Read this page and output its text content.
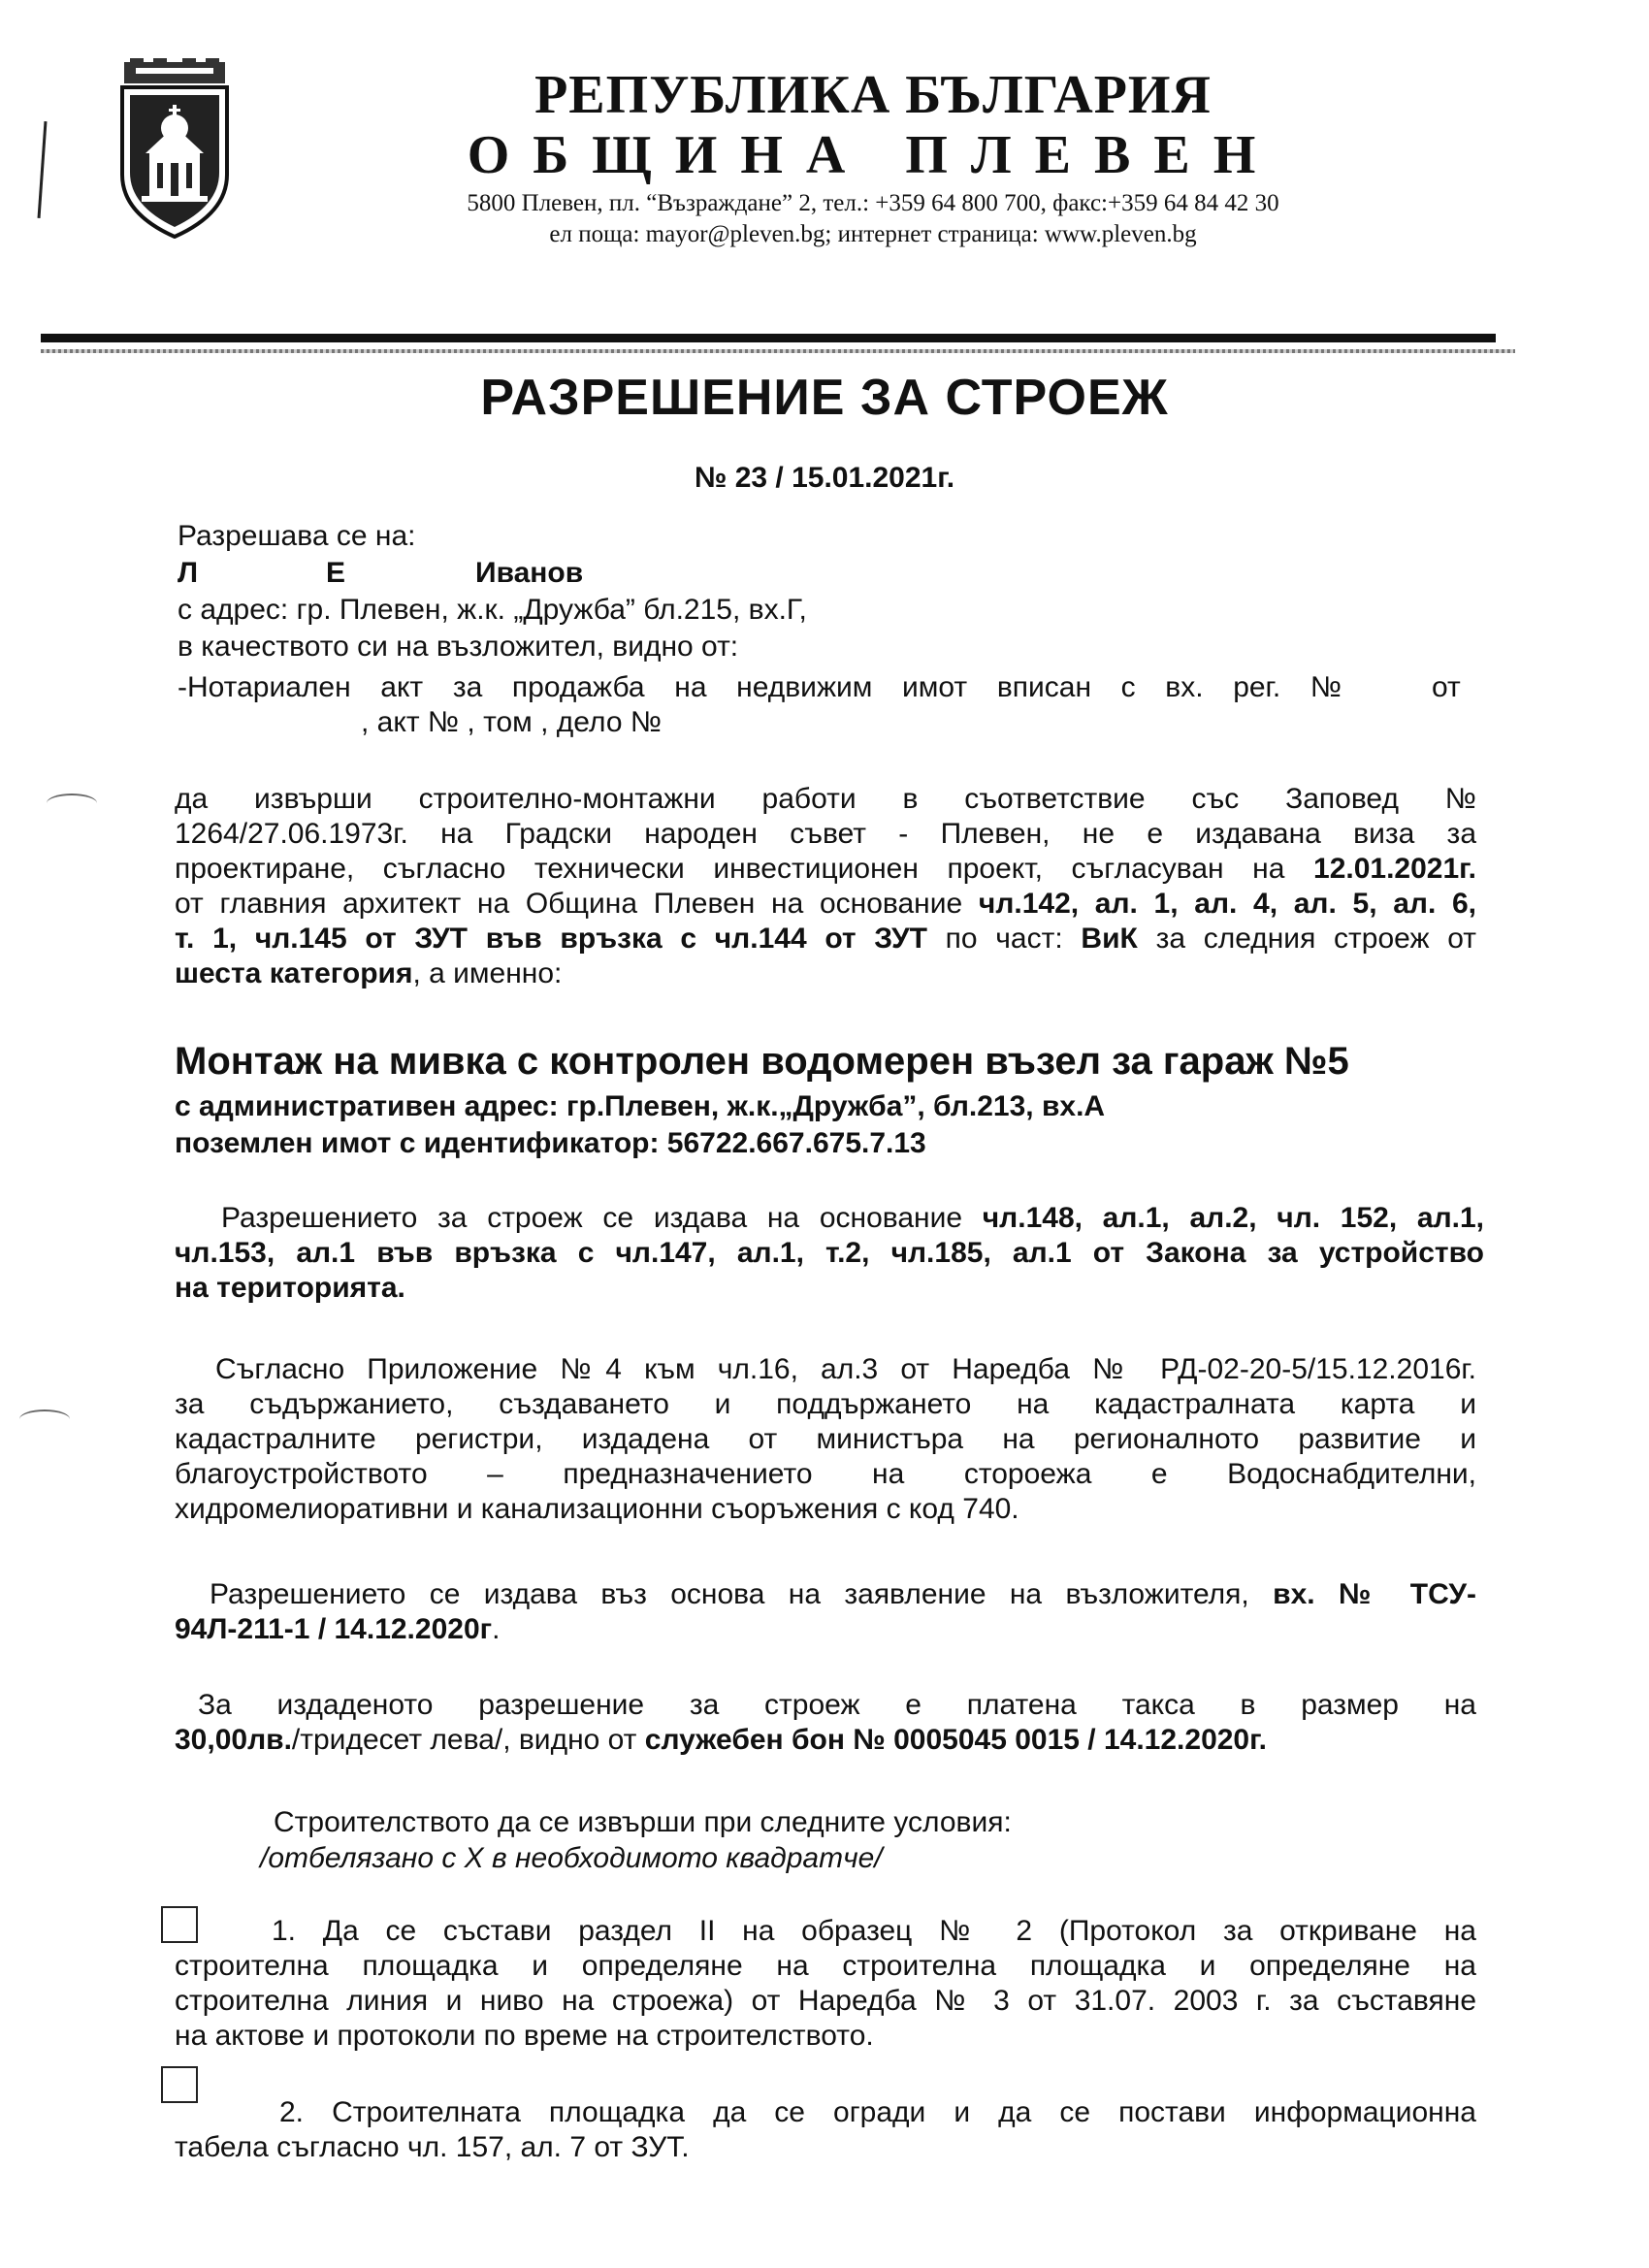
РЕПУБЛИКА БЪЛГАРИЯ
ОБЩИНА ПЛЕВЕН
5800 Плевен, пл. “Възраждане” 2, тел.: +359 64 800 700, факс:+359 64 84 42 30
ел поща: mayor@pleven.bg; интернет страница: www.pleven.bg
РАЗРЕШЕНИЕ ЗА СТРОЕЖ
№ 23 / 15.01.2021г.
Разрешава се на:
Л	Е	Иванов
с адрес: гр. Плевен, ж.к. „Дружба” бл.215, вх.Г,
в качеството си на възложител, видно от:
-Нотариален акт за продажба на недвижим имот вписан с вх. рег. №	от
, акт № , том , дело №
да извърши строително-монтажни работи в съответствие със Заповед №
1264/27.06.1973г. на Градски народен съвет - Плевен, не е издавана виза за
проектиране, съгласно технически инвестиционен проект, съгласуван на 12.01.2021г.
от главния архитект на Община Плевен на основание чл.142, ал. 1, ал. 4, ал. 5, ал. 6,
т. 1, чл.145 от ЗУТ във връзка с чл.144 от ЗУТ по част: ВиК за следния строеж от
шеста категория, а именно:
Монтаж на мивка с контролен водомерен възел за гараж №5
с административен адрес: гр.Плевен, ж.к.„Дружба”, бл.213, вх.А
поземлен имот с идентификатор: 56722.667.675.7.13
Разрешението за строеж се издава на основание чл.148, ал.1, ал.2, чл. 152, ал.1,
чл.153, ал.1 във връзка с чл.147, ал.1, т.2, чл.185, ал.1 от Закона за устройство
на територията.
Съгласно Приложение №4 към чл.16, ал.3 от Наредба № РД-02-20-5/15.12.2016г.
за съдържанието, създаването и поддържането на кадастралната карта и
кадастралните регистри, издадена от министъра на регионалното развитие и
благоустройството – предназначението на стороежа е Водоснабдителни,
хидромелиоративни и канализационни съоръжения с код 740.
Разрешението се издава въз основа на заявление на възложителя, вх. № ТСУ-
94Л-211-1 / 14.12.2020г.
За издаденото разрешение за строеж е платена такса в размер на
30,00лв./тридесет лева/, видно от служебен бон № 0005045 0015 / 14.12.2020г.
Строителството да се извърши при следните условия:
/отбелязано с Х в необходимото квадратче/
1. Да се състави раздел II на образец № 2 (Протокол за откриване на
строителна площадка и определяне на строителна площадка и определяне на
строителна линия и ниво на строежа) от Наредба № 3 от 31.07. 2003 г. за съставяне
на актове и протоколи по време на строителството.
2. Строителната площадка да се огради и да се постави информационна
табела съгласно чл. 157, ал. 7 от ЗУТ.
